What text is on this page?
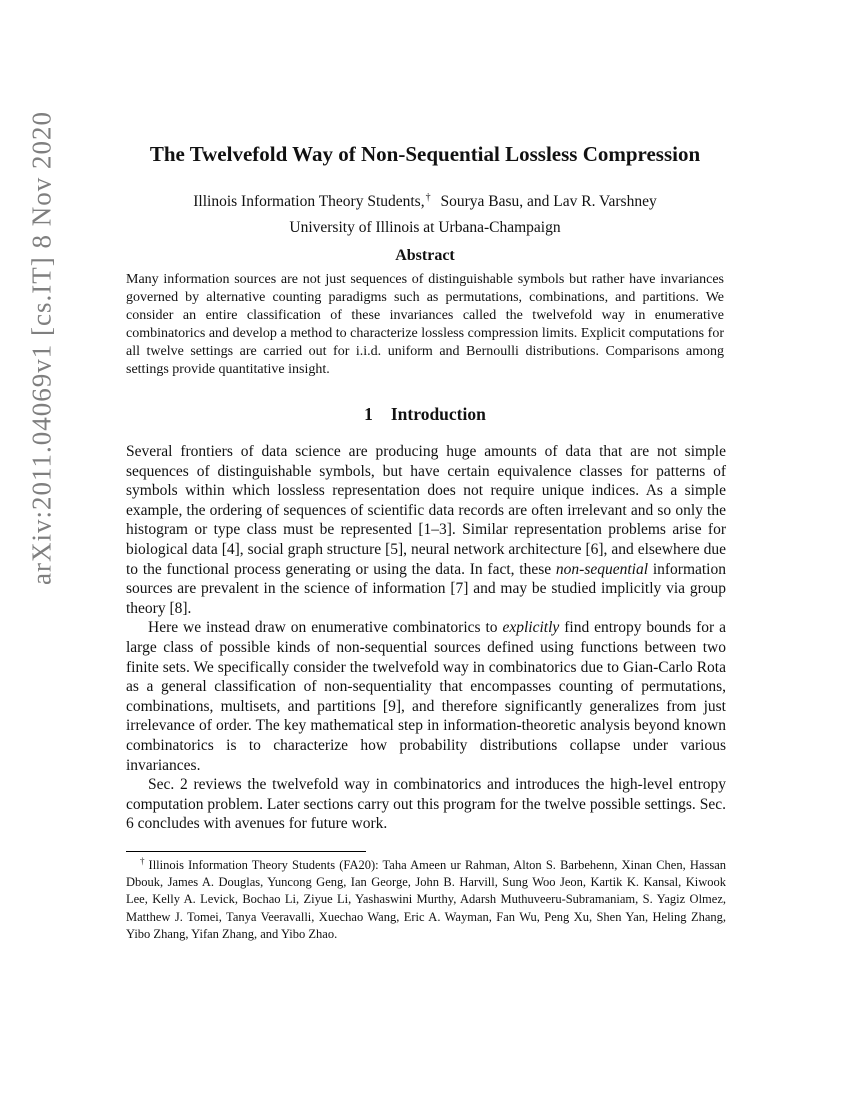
arXiv:2011.04069v1 [cs.IT] 8 Nov 2020	The Twelvefold Way of Non-Sequential Lossless Compression
Illinois Information Theory Students,† Sourya Basu, and Lav R. Varshney
University of Illinois at Urbana-Champaign
Abstract

Many information sources are not just sequences of distinguishable symbols but rather have invariances governed by alternative counting paradigms such as permutations, combinations, and partitions. We consider an entire classification of these invariances called the twelvefold way in enumerative combinatorics and develop a method to characterize lossless compression limits. Explicit computations for all twelve settings are carried out for i.i.d. uniform and Bernoulli distributions. Comparisons among settings provide quantitative insight.

1 Introduction

Several frontiers of data science are producing huge amounts of data that are not simple sequences of distinguishable symbols, but have certain equivalence classes for patterns of symbols within which lossless representation does not require unique indices. As a simple example, the ordering of sequences of scientific data records are often irrelevant and so only the histogram or type class must be represented [1–3]. Similar representation problems arise for biological data [4], social graph structure [5], neural network architecture [6], and elsewhere due to the functional process generating or using the data. In fact, these non-sequential information sources are prevalent in the science of information [7] and may be studied implicitly via group theory [8].

Here we instead draw on enumerative combinatorics to explicitly find entropy bounds for a large class of possible kinds of non-sequential sources defined using functions between two finite sets. We specifically consider the twelvefold way in combinatorics due to Gian-Carlo Rota as a general classification of non-sequentiality that encompasses counting of permutations, combinations, multisets, and partitions [9], and therefore significantly generalizes from just irrelevance of order. The key mathematical step in information-theoretic analysis beyond known combinatorics is to characterize how probability distributions collapse under various invariances.

Sec. 2 reviews the twelvefold way in combinatorics and introduces the high-level entropy computation problem. Later sections carry out this program for the twelve possible settings. Sec. 6 concludes with avenues for future work.

† Illinois Information Theory Students (FA20): Taha Ameen ur Rahman, Alton S. Barbehenn, Xinan Chen, Hassan Dbouk, James A. Douglas, Yuncong Geng, Ian George, John B. Harvill, Sung Woo Jeon, Kartik K. Kansal, Kiwook Lee, Kelly A. Levick, Bochao Li, Ziyue Li, Yashaswini Murthy, Adarsh Muthuveeru-Subramaniam, S. Yagiz Olmez, Matthew J. Tomei, Tanya Veeravalli, Xuechao Wang, Eric A. Wayman, Fan Wu, Peng Xu, Shen Yan, Heling Zhang, Yibo Zhang, Yifan Zhang, and Yibo Zhao.
